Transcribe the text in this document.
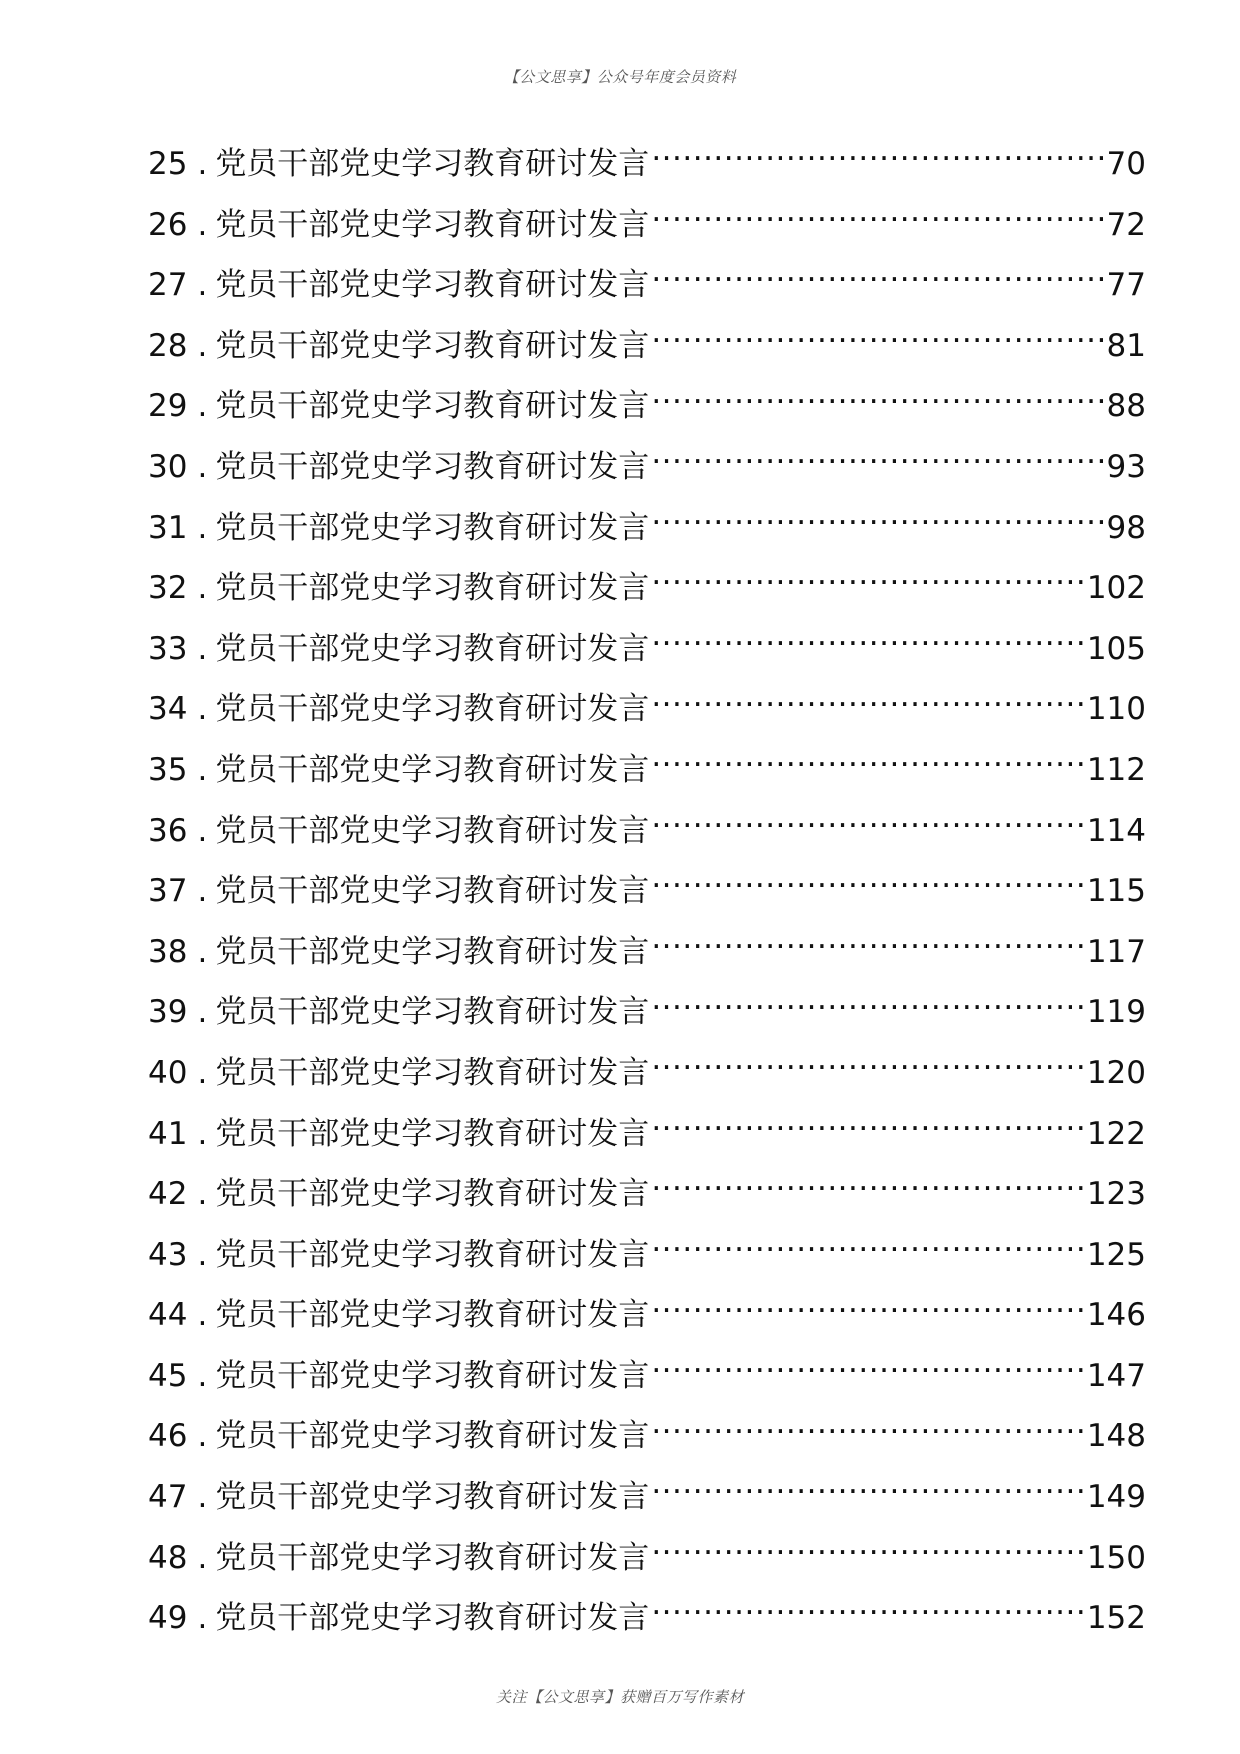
【公文思享】公众号年度会员资料
25 . 党员干部党史学习教育研讨发言 .....	70
26 . 党员干部党史学习教育研讨发言 .....	72
27 . 党员干部党史学习教育研讨发言 .....	77
28 . 党员干部党史学习教育研讨发言 .....	81
29 . 党员干部党史学习教育研讨发言 .....	88
30 . 党员干部党史学习教育研讨发言 .....	93
31 . 党员干部党史学习教育研讨发言 .....	98
32 . 党员干部党史学习教育研讨发言 .....	102
33 . 党员干部党史学习教育研讨发言 .....	105
34 . 党员干部党史学习教育研讨发言 .....	110
35 . 党员干部党史学习教育研讨发言 .....	112
36 . 党员干部党史学习教育研讨发言 .....	114
37 . 党员干部党史学习教育研讨发言 .....	115
38 . 党员干部党史学习教育研讨发言 .....	117
39 . 党员干部党史学习教育研讨发言 .....	119
40 . 党员干部党史学习教育研讨发言 .....	120
41 . 党员干部党史学习教育研讨发言 .....	122
42 . 党员干部党史学习教育研讨发言 .....	123
43 . 党员干部党史学习教育研讨发言 .....	125
44 . 党员干部党史学习教育研讨发言 .....	146
45 . 党员干部党史学习教育研讨发言 .....	147
46 . 党员干部党史学习教育研讨发言 .....	148
47 . 党员干部党史学习教育研讨发言 .....	149
48 . 党员干部党史学习教育研讨发言 .....	150
49 . 党员干部党史学习教育研讨发言 .....	152
关注【公文思享】获赠百万写作素材
